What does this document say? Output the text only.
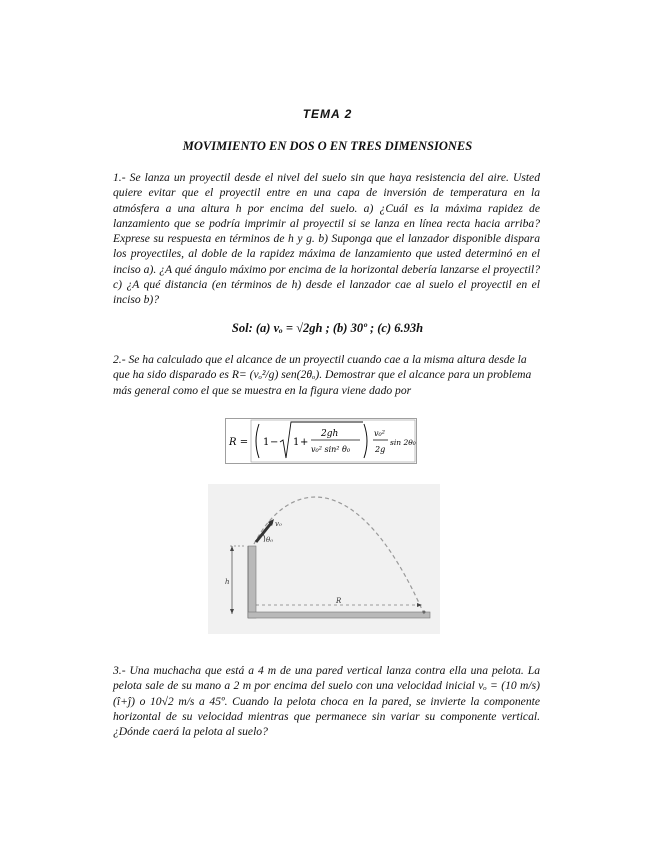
TEMA 2
MOVIMIENTO EN DOS O EN TRES DIMENSIONES

1.- Se lanza un proyectil desde el nivel del suelo sin que haya resistencia del aire. Usted quiere evitar que el proyectil entre en una capa de inversión de temperatura en la atmósfera a una altura h por encima del suelo. a) ¿Cuál es la máxima rapidez de lanzamiento que se podría imprimir al proyectil si se lanza en línea recta hacia arriba? Exprese su respuesta en términos de h y g. b) Suponga que el lanzador disponible dispara los proyectiles, al doble de la rapidez máxima de lanzamiento que usted determinó en el inciso a). ¿A qué ángulo máximo por encima de la horizontal debería lanzarse el proyectil? c) ¿A qué distancia (en términos de h) desde el lanzador cae al suelo el proyectil en el inciso b)?

Sol: (a) vₒ = √2gh ; (b) 30º ; (c) 6.93h

2.- Se ha calculado que el alcance de un proyectil cuando cae a la misma altura desde la que ha sido disparado es R= (vₒ²/g) sen(2θₒ). Demostrar que el alcance para un problema más general como el que se muestra en la figura viene dado por

R = 1 − 1 +
2gh
v₀² sin² θ₀
v₀²
2g
sin 2θ₀
v₀
θ₀
h
R

3.- Una muchacha que está a 4 m de una pared vertical lanza contra ella una pelota. La pelota sale de su mano a 2 m por encima del suelo con una velocidad inicial vₒ = (10 m/s) (î+ĵ) o 10√2 m/s a 45º. Cuando la pelota choca en la pared, se invierte la componente horizontal de su velocidad mientras que permanece sin variar su componente vertical. ¿Dónde caerá la pelota al suelo?
